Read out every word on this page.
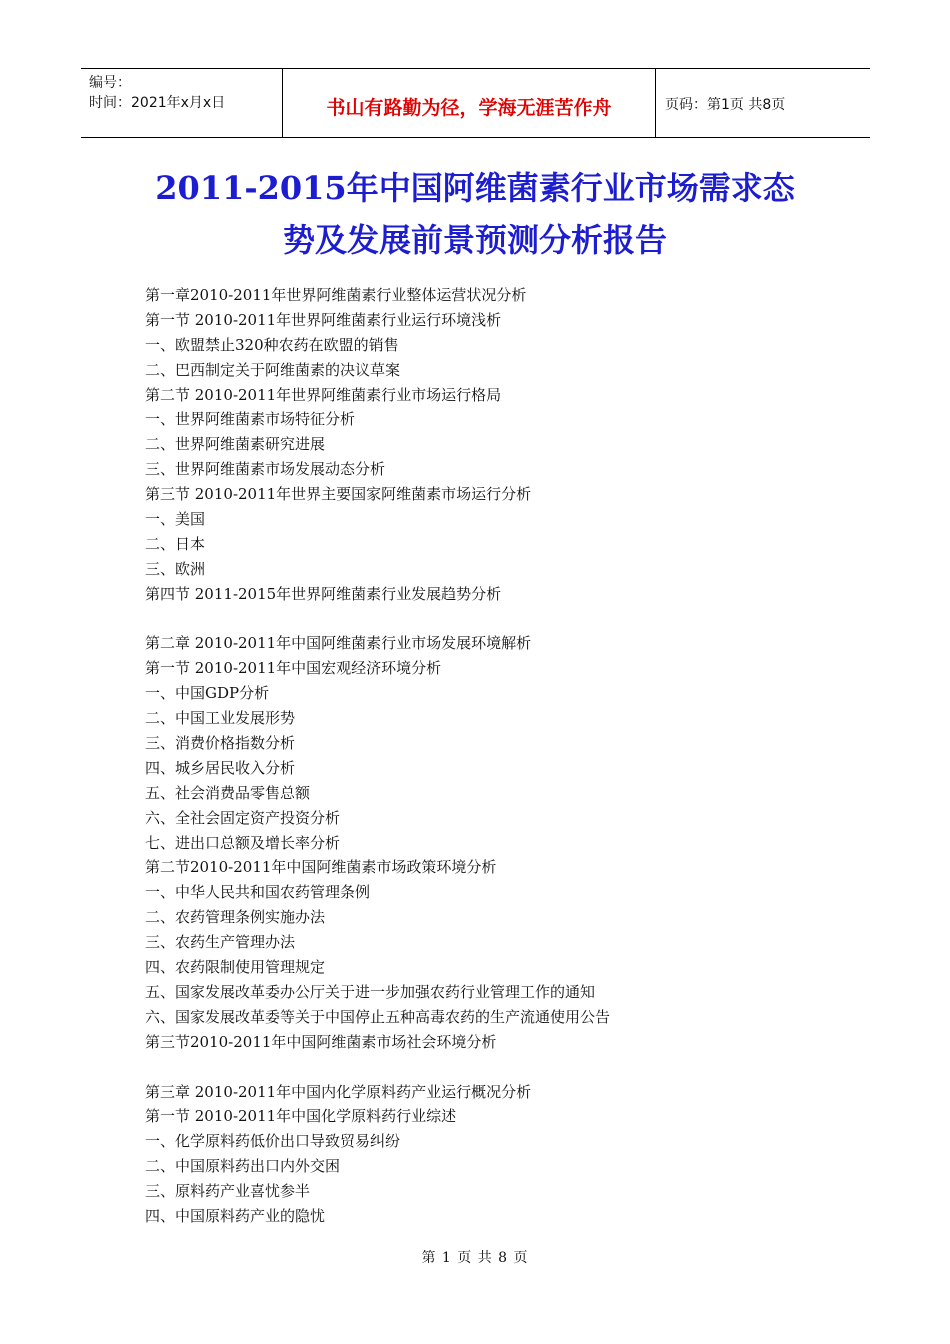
编号：
时间：2021年x月x日	书山有路勤为径，学海无涯苦作舟	页码：第1页 共8页
2011-2015年中国阿维菌素行业市场需求态
势及发展前景预测分析报告
第一章2010-2011年世界阿维菌素行业整体运营状况分析
第一节 2010-2011年世界阿维菌素行业运行环境浅析
一、欧盟禁止320种农药在欧盟的销售
二、巴西制定关于阿维菌素的决议草案
第二节 2010-2011年世界阿维菌素行业市场运行格局
一、世界阿维菌素市场特征分析
二、世界阿维菌素研究进展
三、世界阿维菌素市场发展动态分析
第三节 2010-2011年世界主要国家阿维菌素市场运行分析
一、美国
二、日本
三、欧洲
第四节 2011-2015年世界阿维菌素行业发展趋势分析
第二章 2010-2011年中国阿维菌素行业市场发展环境解析
第一节 2010-2011年中国宏观经济环境分析
一、中国GDP分析
二、中国工业发展形势
三、消费价格指数分析
四、城乡居民收入分析
五、社会消费品零售总额
六、全社会固定资产投资分析
七、进出口总额及增长率分析
第二节2010-2011年中国阿维菌素市场政策环境分析
一、中华人民共和国农药管理条例
二、农药管理条例实施办法
三、农药生产管理办法
四、农药限制使用管理规定
五、国家发展改革委办公厅关于进一步加强农药行业管理工作的通知
六、国家发展改革委等关于中国停止五种高毒农药的生产流通使用公告
第三节2010-2011年中国阿维菌素市场社会环境分析
第三章 2010-2011年中国内化学原料药产业运行概况分析
第一节 2010-2011年中国化学原料药行业综述
一、化学原料药低价出口导致贸易纠纷
二、中国原料药出口内外交困
三、原料药产业喜忧参半
四、中国原料药产业的隐忧
第 1 页 共 8 页
